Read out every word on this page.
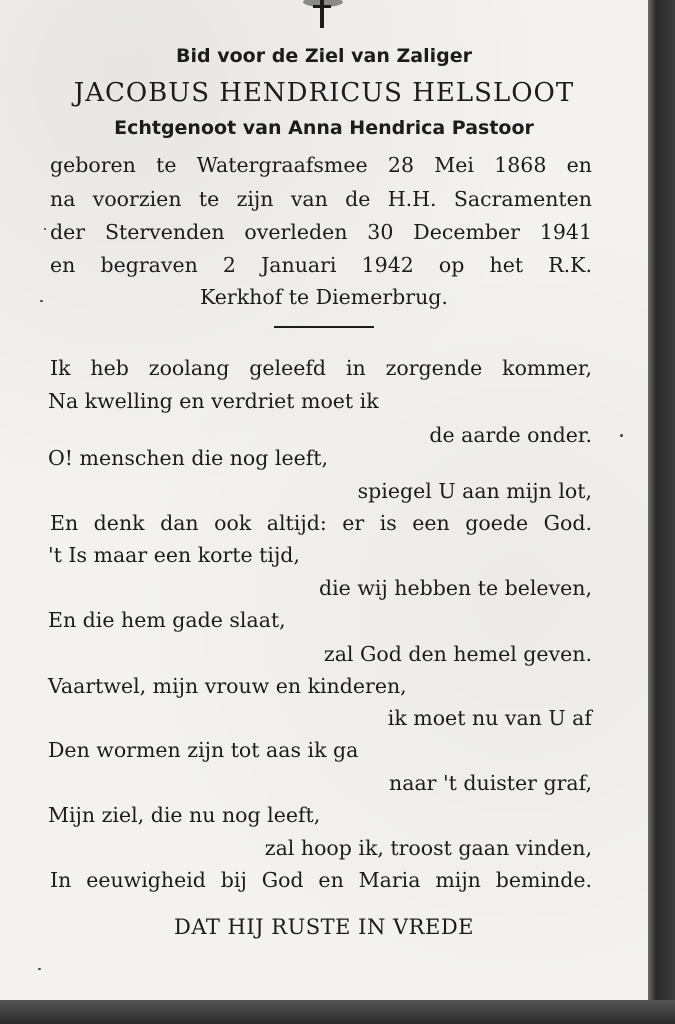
Bid voor de Ziel van Zaliger

JACOBUS HENDRICUS HELSLOOT

Echtgenoot van Anna Hendrica Pastoor

geboren te Watergraafsmee 28 Mei 1868 en

na voorzien te zijn van de H.H. Sacramenten

der Stervenden overleden 30 December 1941

en begraven 2 Januari 1942 op het R.K.

Kerkhof te Diemerbrug.

Ik heb zoolang geleefd in zorgende kommer,

Na kwelling en verdriet moet ik

de aarde onder.

O! menschen die nog leeft,

spiegel U aan mijn lot,

En denk dan ook altijd: er is een goede God.

't Is maar een korte tijd,

die wij hebben te beleven,

En die hem gade slaat,

zal God den hemel geven.

Vaartwel, mijn vrouw en kinderen,

ik moet nu van U af

Den wormen zijn tot aas ik ga

naar 't duister graf,

Mijn ziel, die nu nog leeft,

zal hoop ik, troost gaan vinden,

In eeuwigheid bij God en Maria mijn beminde.

DAT HIJ RUSTE IN VREDE
